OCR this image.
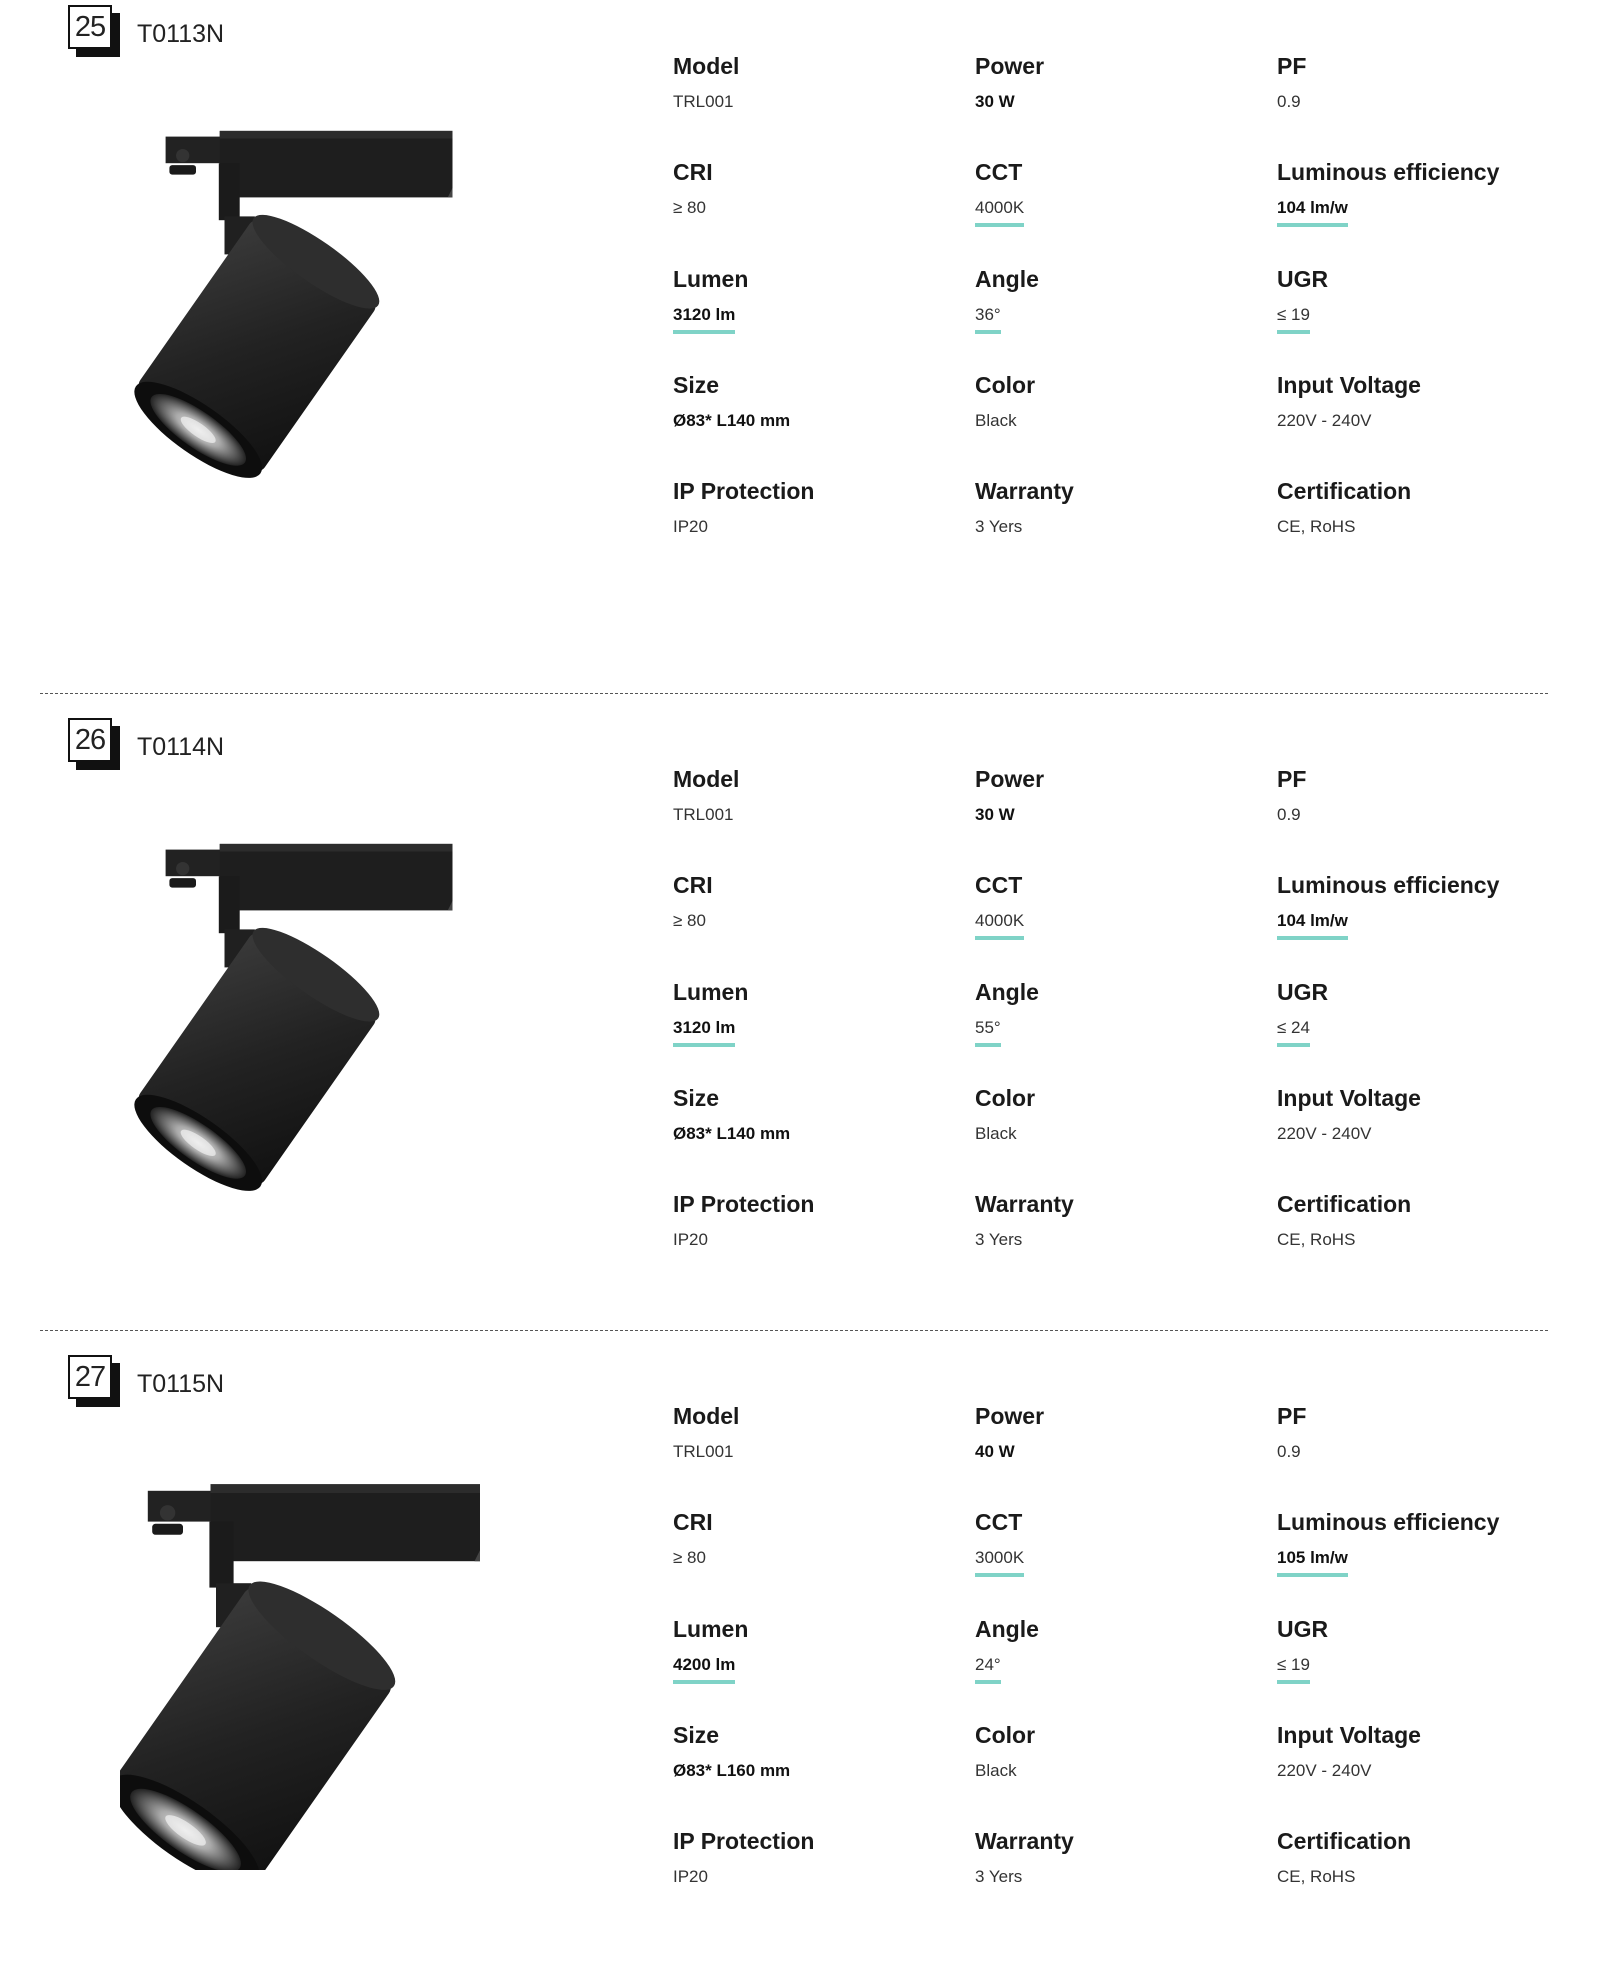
25 T0113N
Model
TRL001
Power
30 W
PF
0.9
CRI
≥ 80
CCT
4000K
Luminous efficiency
104 lm/w
Lumen
3120 lm
Angle
36°
UGR
≤ 19
Size
Ø83* L140 mm
Color
Black
Input Voltage
220V - 240V
IP Protection
IP20
Warranty
3 Yers
Certification
CE, RoHS
26 T0114N
Model
TRL001
Power
30 W
PF
0.9
CRI
≥ 80
CCT
4000K
Luminous efficiency
104 lm/w
Lumen
3120 lm
Angle
55°
UGR
≤ 24
Size
Ø83* L140 mm
Color
Black
Input Voltage
220V - 240V
IP Protection
IP20
Warranty
3 Yers
Certification
CE, RoHS
27 T0115N
Model
TRL001
Power
40 W
PF
0.9
CRI
≥ 80
CCT
3000K
Luminous efficiency
105 lm/w
Lumen
4200 lm
Angle
24°
UGR
≤ 19
Size
Ø83* L160 mm
Color
Black
Input Voltage
220V - 240V
IP Protection
IP20
Warranty
3 Yers
Certification
CE, RoHS
